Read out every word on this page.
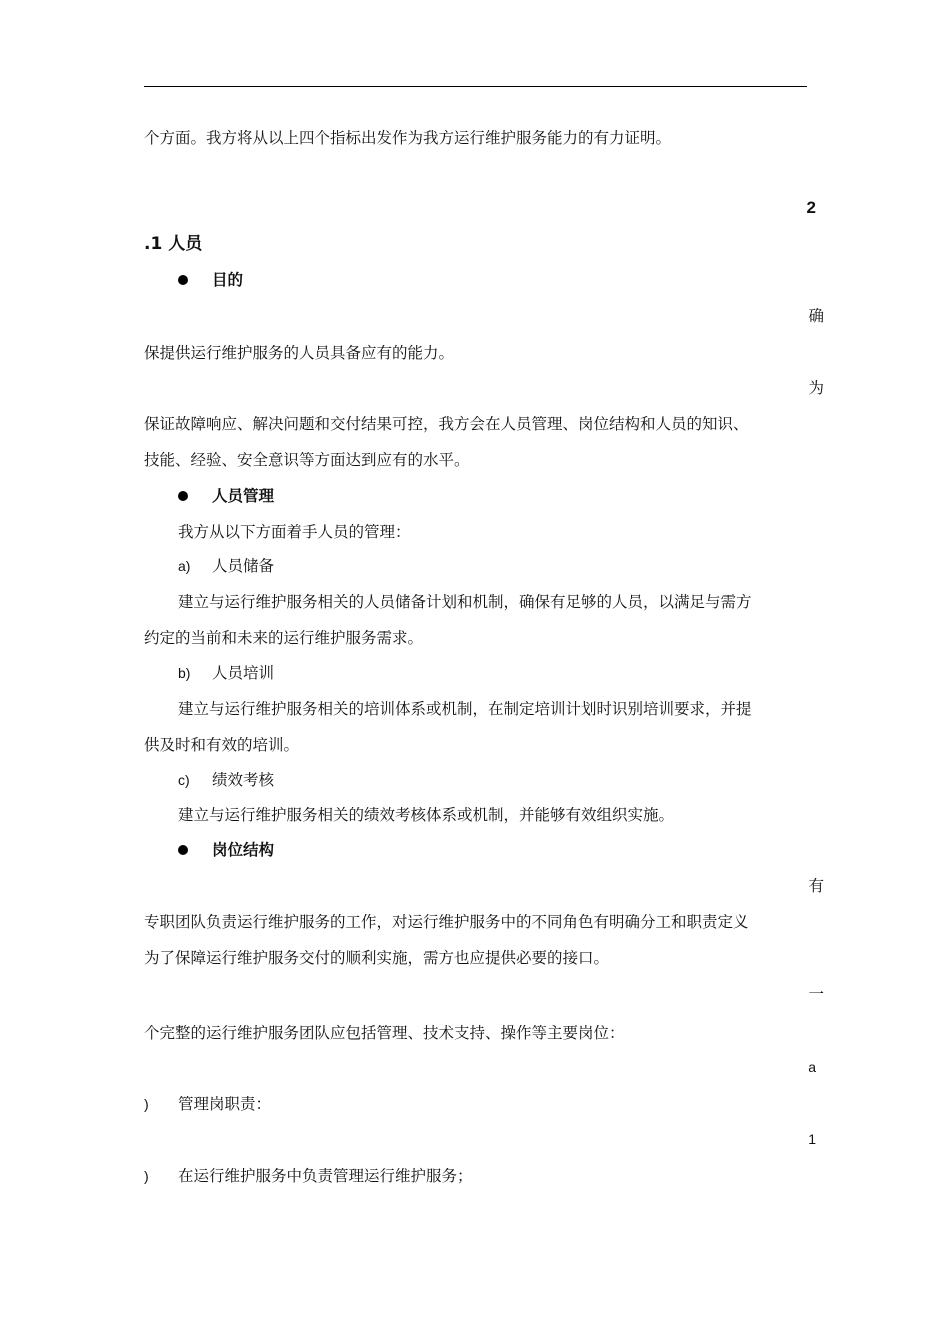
个方面。我方将从以上四个指标出发作为我方运行维护服务能力的有力证明。
2
.1 人员
目的
确
保提供运行维护服务的人员具备应有的能力。
为
保证故障响应、解决问题和交付结果可控，我方会在人员管理、岗位结构和人员的知识、
技能、经验、安全意识等方面达到应有的水平。
人员管理
我方从以下方面着手人员的管理：
a) 人员储备
建立与运行维护服务相关的人员储备计划和机制，确保有足够的人员，以满足与需方
约定的当前和未来的运行维护服务需求。
b) 人员培训
建立与运行维护服务相关的培训体系或机制，在制定培训计划时识别培训要求，并提
供及时和有效的培训。
c) 绩效考核
建立与运行维护服务相关的绩效考核体系或机制，并能够有效组织实施。
岗位结构
有
专职团队负责运行维护服务的工作，对运行维护服务中的不同角色有明确分工和职责定义
为了保障运行维护服务交付的顺利实施，需方也应提供必要的接口。
一
个完整的运行维护服务团队应包括管理、技术支持、操作等主要岗位：
a
) 管理岗职责：
1
) 在运行维护服务中负责管理运行维护服务；
